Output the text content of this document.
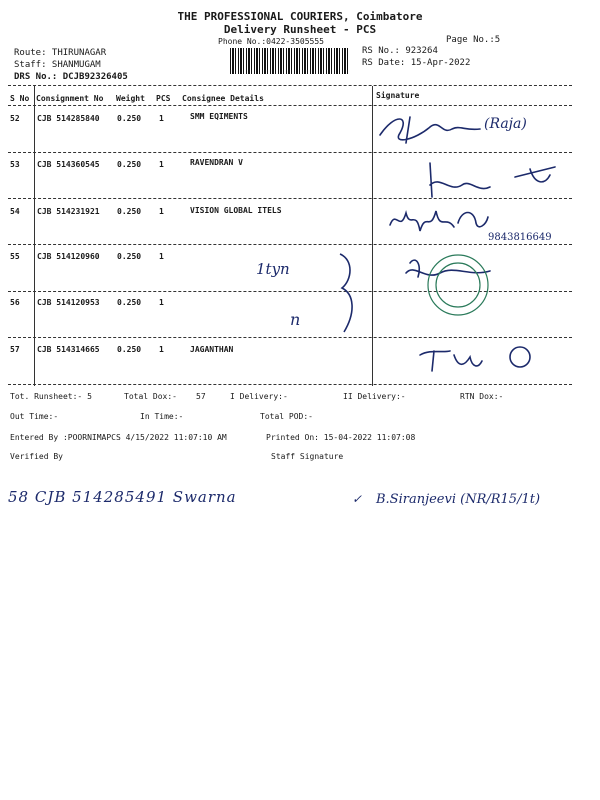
THE PROFESSIONAL COURIERS, Coimbatore
Delivery Runsheet - PCS
Phone No.:0422-3505555	Page No.:5
Route: THIRUNAGAR
Staff: SHANMUGAM
DRS No.: DCJB92326405
RS No.: 923264
RS Date: 15-Apr-2022
S No Consignment No Weight PCS Consignee Details	Signature
52 CJB 514285840 0.250 1	SMM EQIMENTS
53 CJB 514360545 0.250 1	RAVENDRAN V
54 CJB 514231921 0.250 1	VISION GLOBAL ITELS
55 CJB 514120960 0.250 1
56 CJB 514120953 0.250 1
57 CJB 514314665 0.250 1	JAGANTHAN
(Raja)
9843816649
1tyn
n
Tot. Runsheet:- 5	Total Dox:- 57	I Delivery:-	II Delivery:-	RTN Dox:-
Out Time:-	In Time:-	Total POD:-
Entered By :POORNIMAPCS 4/15/2022 11:07:10 AM	Printed On: 15-04-2022 11:07:08
Verified By	Staff Signature
58 CJB 514285491 Swarna	✓ B.Siranjeevi (NR/R15/1t)
